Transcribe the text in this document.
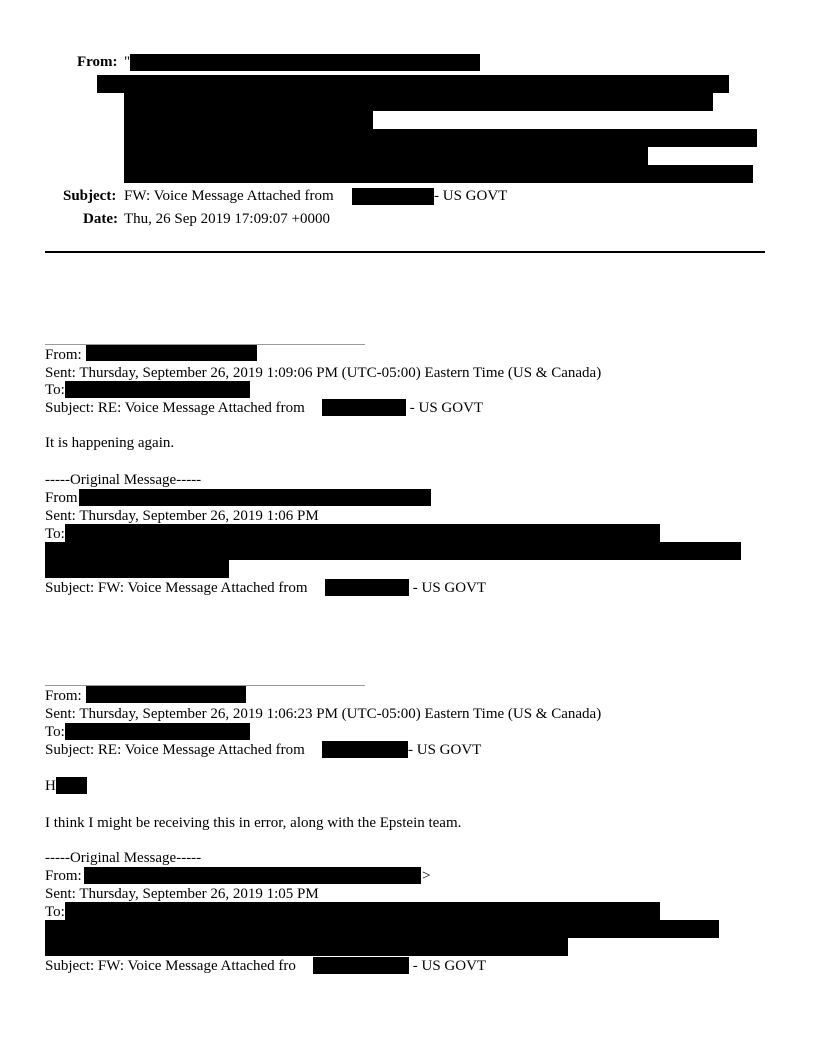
From: "
Subject: FW: Voice Message Attached from	- US GOVT
Date: Thu, 26 Sep 2019 17:09:07 +0000
From:
Sent: Thursday, September 26, 2019 1:09:06 PM (UTC-05:00) Eastern Time (US & Canada)
To:
Subject: RE: Voice Message Attached from	- US GOVT
It is happening again.
-----Original Message-----
From
Sent: Thursday, September 26, 2019 1:06 PM
To:
Subject: FW: Voice Message Attached from	- US GOVT
From:
Sent: Thursday, September 26, 2019 1:06:23 PM (UTC-05:00) Eastern Time (US & Canada)
To:
Subject: RE: Voice Message Attached from	- US GOVT
H
I think I might be receiving this in error, along with the Epstein team.
-----Original Message-----
From:	>
Sent: Thursday, September 26, 2019 1:05 PM
To:
Subject: FW: Voice Message Attached fro	- US GOVT
